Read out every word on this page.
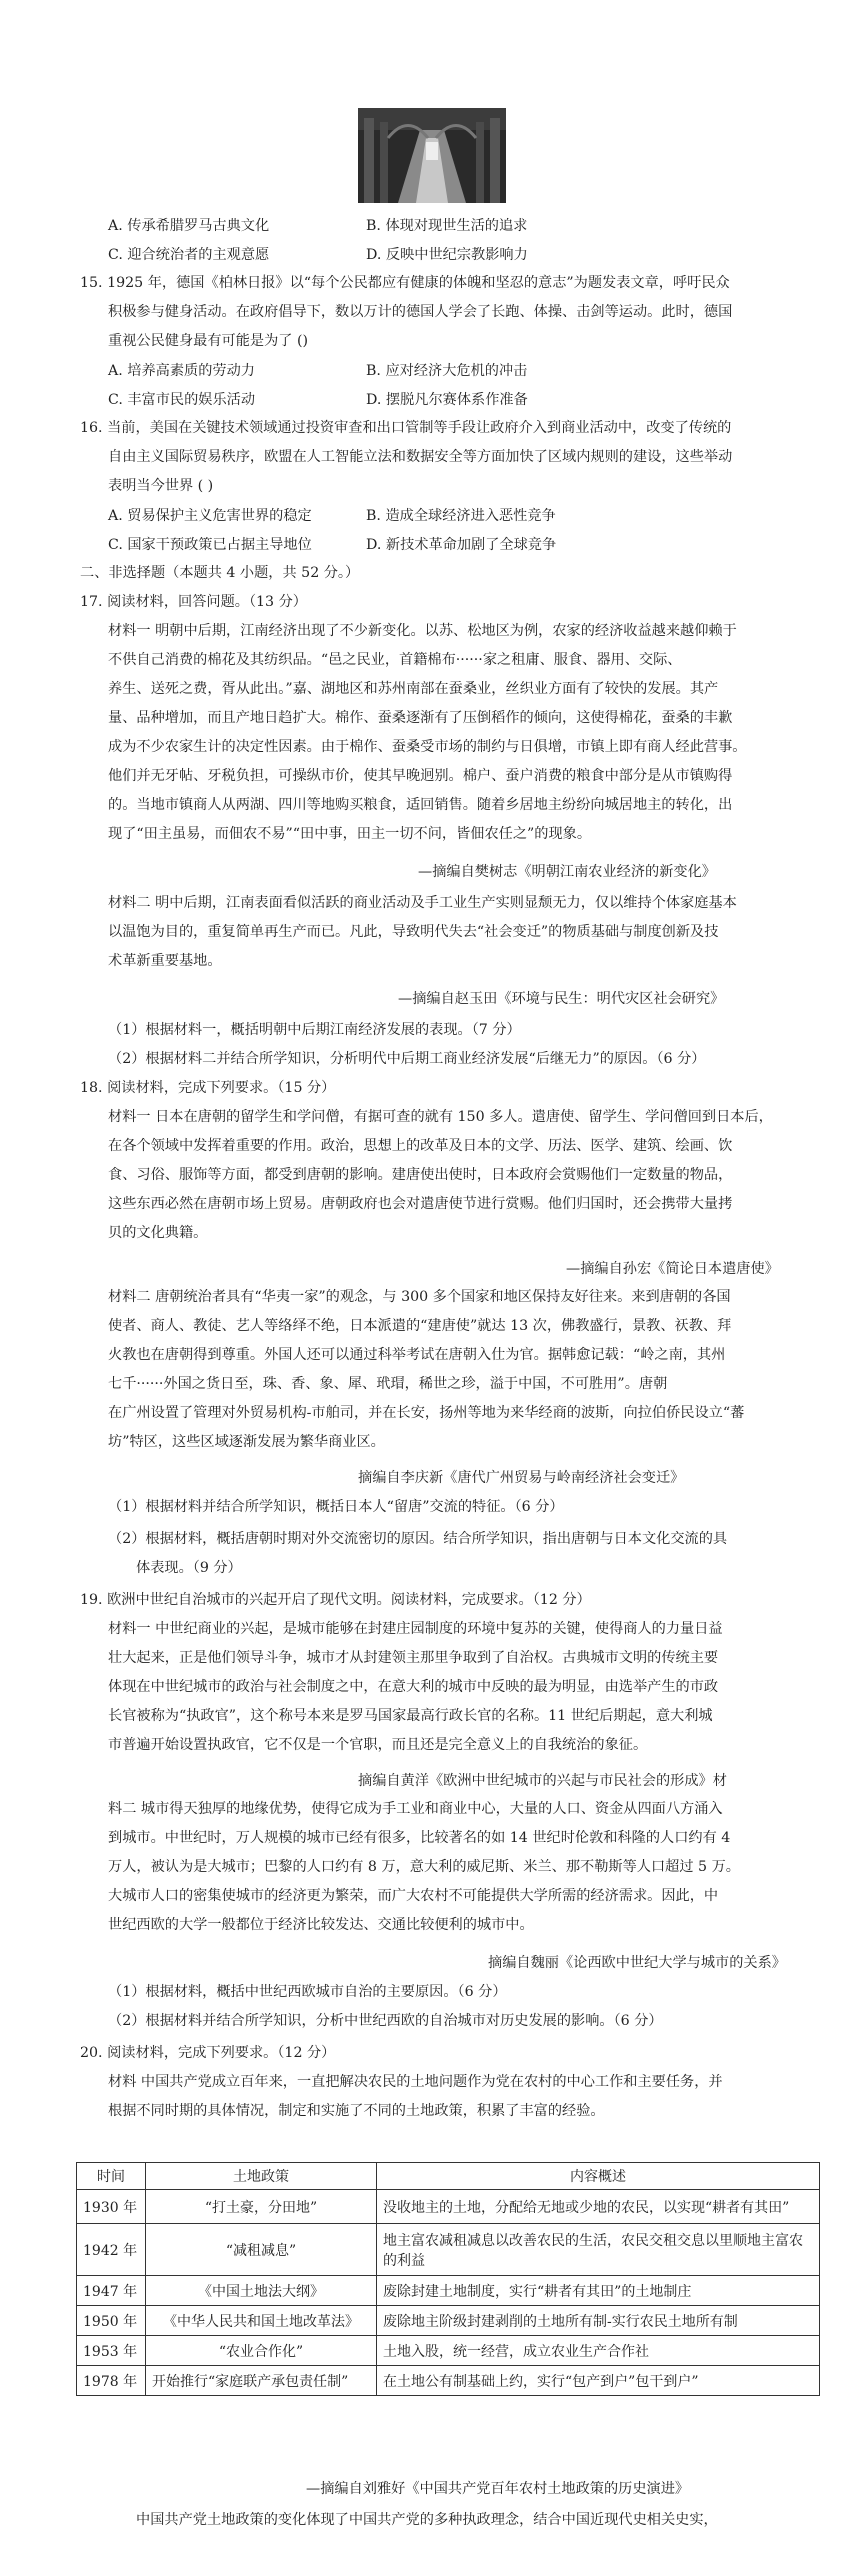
A. 传承希腊罗马古典文化	B. 体现对现世生活的追求
C. 迎合统治者的主观意愿	D. 反映中世纪宗教影响力
15. 1925 年，德国《柏林日报》以“每个公民都应有健康的体魄和坚忍的意志”为题发表文章，呼吁民众
积极参与健身活动。在政府倡导下，数以万计的德国人学会了长跑、体操、击剑等运动。此时，德国
重视公民健身最有可能是为了 ()
A. 培养高素质的劳动力	B. 应对经济大危机的冲击
C. 丰富市民的娱乐活动	D. 摆脱凡尔赛体系作准备
16. 当前，美国在关键技术领域通过投资审查和出口管制等手段让政府介入到商业活动中，改变了传统的
自由主义国际贸易秩序，欧盟在人工智能立法和数据安全等方面加快了区域内规则的建设，这些举动
表明当今世界 ( )
A. 贸易保护主义危害世界的稳定	B. 造成全球经济进入恶性竞争
C. 国家干预政策已占据主导地位	D. 新技术革命加剧了全球竞争
二、非选择题（本题共 4 小题，共 52 分。）
17. 阅读材料，回答问题。（13 分）
材料一 明朝中后期，江南经济出现了不少新变化。以苏、松地区为例，农家的经济收益越来越仰赖于
不供自己消费的棉花及其纺织品。“邑之民业，首籍棉布······家之租庸、服食、器用、交际、
养生、送死之费，胥从此出。”嘉、湖地区和苏州南部在蚕桑业，丝织业方面有了较快的发展。其产
量、品种增加，而且产地日趋扩大。棉作、蚕桑逐渐有了压倒稻作的倾向，这使得棉花，蚕桑的丰歉
成为不少农家生计的决定性因素。由于棉作、蚕桑受市场的制约与日俱增，市镇上即有商人经此营事。
他们并无牙帖、牙税负担，可操纵市价，使其早晚迥别。棉户、蚕户消费的粮食中部分是从市镇购得
的。当地市镇商人从两湖、四川等地购买粮食，适回销售。随着乡居地主纷纷向城居地主的转化，出
现了“田主虽易，而佃农不易”“田中事，田主一切不问，皆佃农任之”的现象。
—摘编自樊树志《明朝江南农业经济的新变化》
材料二 明中后期，江南表面看似活跃的商业活动及手工业生产实则显颓无力，仅以维持个体家庭基本
以温饱为目的，重复简单再生产而已。凡此，导致明代失去“社会变迁”的物质基础与制度创新及技
术革新重要基地。
—摘编自赵玉田《环境与民生：明代灾区社会研究》
（1）根据材料一，概括明朝中后期江南经济发展的表现。（7 分）
（2）根据材料二并结合所学知识，分析明代中后期工商业经济发展“后继无力”的原因。（6 分）
18. 阅读材料，完成下列要求。（15 分）
材料一 日本在唐朝的留学生和学问僧，有据可查的就有 150 多人。遣唐使、留学生、学问僧回到日本后，
在各个领域中发挥着重要的作用。政治，思想上的改革及日本的文学、历法、医学、建筑、绘画、饮
食、习俗、服饰等方面，都受到唐朝的影响。建唐使出使时，日本政府会赏赐他们一定数量的物品，
这些东西必然在唐朝市场上贸易。唐朝政府也会对遣唐使节进行赏赐。他们归国时，还会携带大量拷
贝的文化典籍。
—摘编自孙宏《简论日本遣唐使》
材料二 唐朝统治者具有“华夷一家”的观念，与 300 多个国家和地区保持友好往来。来到唐朝的各国
使者、商人、教徒、艺人等络绎不绝，日本派遣的“建唐使”就达 13 次，佛教盛行，景教、祆教、拜
火教也在唐朝得到尊重。外国人还可以通过科举考试在唐朝入仕为官。据韩愈记载：“岭之南，其州
七千······外国之货日至，珠、香、象、犀、玳瑁，稀世之珍，溢于中国，不可胜用”。唐朝
在广州设置了管理对外贸易机构-市舶司，并在长安，扬州等地为来华经商的波斯，向拉伯侨民设立“蕃
坊”特区，这些区域逐渐发展为繁华商业区。
摘编自李庆新《唐代广州贸易与岭南经济社会变迁》
（1）根据材料并结合所学知识，概括日本人“留唐”交流的特征。（6 分）
（2）根据材料，概括唐朝时期对外交流密切的原因。结合所学知识，指出唐朝与日本文化交流的具
体表现。（9 分）
19. 欧洲中世纪自治城市的兴起开启了现代文明。阅读材料，完成要求。（12 分）
材料一 中世纪商业的兴起，是城市能够在封建庄园制度的环境中复苏的关键，使得商人的力量日益
壮大起来，正是他们领导斗争，城市才从封建领主那里争取到了自治权。古典城市文明的传统主要
体现在中世纪城市的政治与社会制度之中，在意大利的城市中反映的最为明显，由选举产生的市政
长官被称为“执政官”，这个称号本来是罗马国家最高行政长官的名称。11 世纪后期起，意大利城
市普遍开始设置执政官，它不仅是一个官职，而且还是完全意义上的自我统治的象征。
摘编自黄洋《欧洲中世纪城市的兴起与市民社会的形成》材
料二 城市得天独厚的地缘优势，使得它成为手工业和商业中心，大量的人口、资金从四面八方涌入
到城市。中世纪时，万人规模的城市已经有很多，比较著名的如 14 世纪时伦敦和科隆的人口约有 4
万人，被认为是大城市；巴黎的人口约有 8 万，意大利的威尼斯、米兰、那不勒斯等人口超过 5 万。
大城市人口的密集使城市的经济更为繁荣，而广大农村不可能提供大学所需的经济需求。因此，中
世纪西欧的大学一般都位于经济比较发达、交通比较便利的城市中。
摘编自魏丽《论西欧中世纪大学与城市的关系》
（1）根据材料，概括中世纪西欧城市自治的主要原因。（6 分）
（2）根据材料并结合所学知识，分析中世纪西欧的自治城市对历史发展的影响。（6 分）
20. 阅读材料，完成下列要求。（12 分）
材料 中国共产党成立百年来，一直把解决农民的土地问题作为党在农村的中心工作和主要任务，并
根据不同时期的具体情况，制定和实施了不同的土地政策，积累了丰富的经验。
时间	土地政策	内容概述
1930 年	“打土豪，分田地”	没收地主的土地，分配给无地或少地的农民，以实现“耕者有其田”
1942 年	“减租减息”	地主富农减租减息以改善农民的生活，农民交租交息以里顺地主富农的利益
1947 年	《中国土地法大纲》	废除封建土地制度，实行“耕者有其田”的土地制庄
1950 年	《中华人民共和国土地改革法》	废除地主阶级封建剥削的土地所有制-实行农民土地所有制
1953 年	“农业合作化”	土地入股，统一经营，成立农业生产合作社
1978 年	开始推行“家庭联产承包责任制”	在土地公有制基础上约，实行“包产到户”包干到户”
—摘编自刘雅好《中国共产党百年农村土地政策的历史演进》
中国共产党土地政策的变化体现了中国共产党的多种执政理念，结合中国近现代史相关史实，
